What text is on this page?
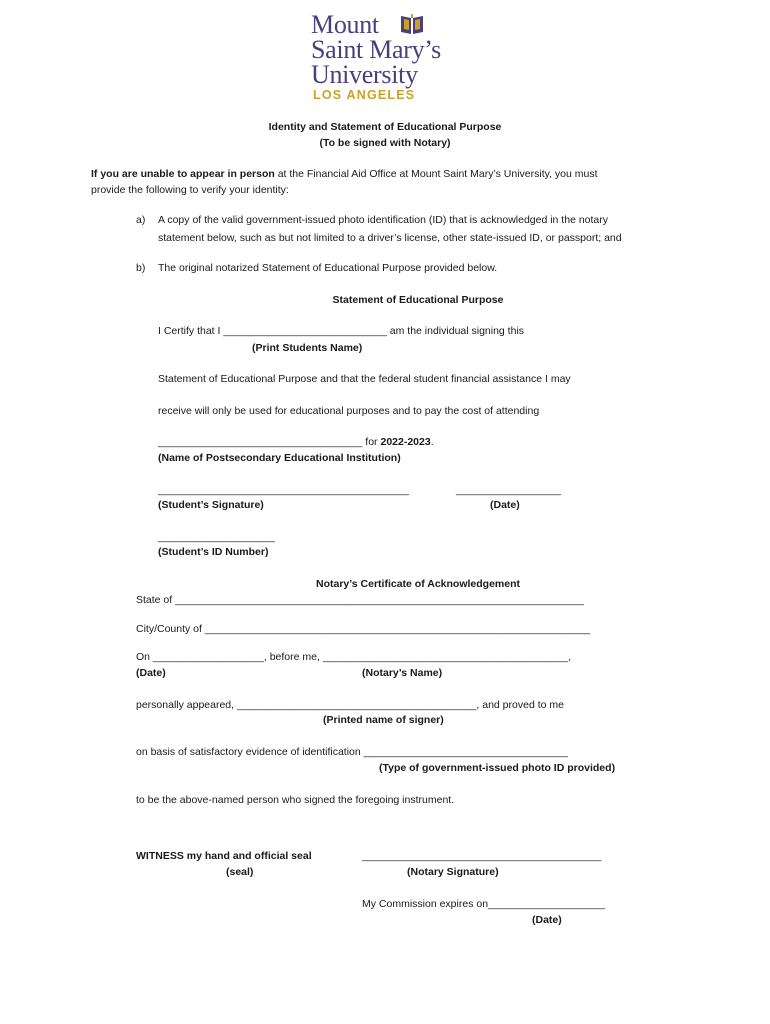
Mount
Saint Mary’s
University
LOS ANGELES
Identity and Statement of Educational Purpose
(To be signed with Notary)
If you are unable to appear in person at the Financial Aid Office at Mount Saint Mary’s University, you must
provide the following to verify your identity:
a) A copy of the valid government-issued photo identification (ID) that is acknowledged in the notary
statement below, such as but not limited to a driver’s license, other state-issued ID, or passport; and
b) The original notarized Statement of Educational Purpose provided below.
Statement of Educational Purpose
I Certify that I ____________________________ am the individual signing this
(Print Students Name)
Statement of Educational Purpose and that the federal student financial assistance I may
receive will only be used for educational purposes and to pay the cost of attending
___________________________________ for 2022-2023.
(Name of Postsecondary Educational Institution)
___________________________________________	__________________
(Student’s Signature)	(Date)
____________________
(Student’s ID Number)
Notary’s Certificate of Acknowledgement
State of ______________________________________________________________________
City/County of __________________________________________________________________
On ___________________, before me, __________________________________________,
(Date)	(Notary’s Name)
personally appeared, _________________________________________, and proved to me
(Printed name of signer)
on basis of satisfactory evidence of identification ___________________________________
(Type of government-issued photo ID provided)
to be the above-named person who signed the foregoing instrument.
WITNESS my hand and official seal	_________________________________________
(seal)	(Notary Signature)
My Commission expires on____________________
(Date)
